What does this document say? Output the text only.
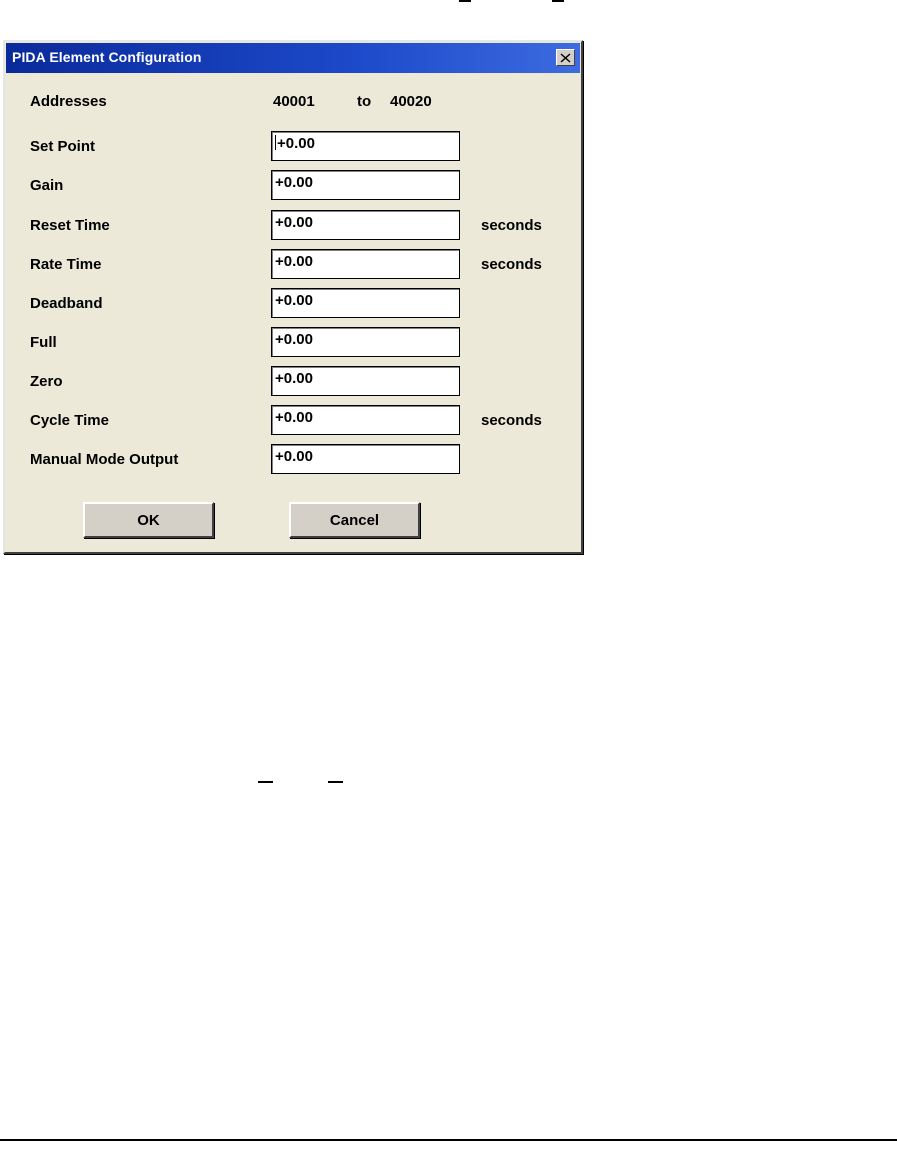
PIDA Element Configuration
Addresses	40001	to 40020
Set Point	+0.00
Gain	+0.00
Reset Time	+0.00	seconds
Rate Time	+0.00	seconds
Deadband	+0.00
Full	+0.00
Zero	+0.00
Cycle Time	+0.00	seconds
Manual Mode Output	+0.00
OK	Cancel
